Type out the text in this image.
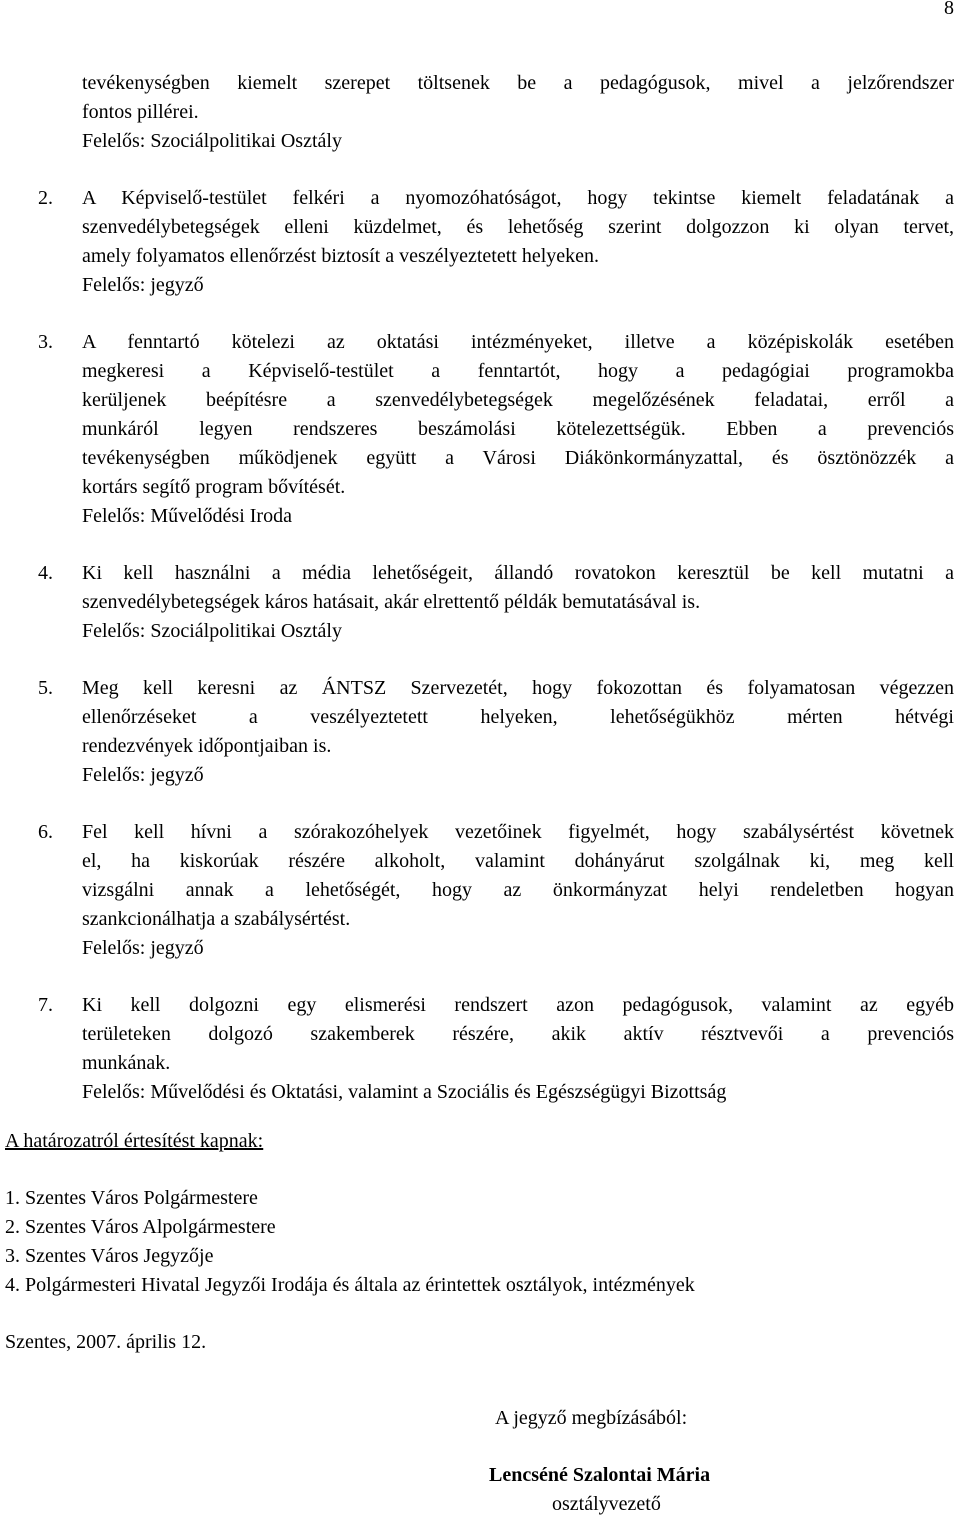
8
tevékenységben kiemelt szerepet töltsenek be a pedagógusok, mivel a jelzőrendszer
fontos pillérei.
Felelős: Szociálpolitikai Osztály
2. A Képviselő-testület felkéri a nyomozóhatóságot, hogy tekintse kiemelt feladatának a
szenvedélybetegségek elleni küzdelmet, és lehetőség szerint dolgozzon ki olyan tervet,
amely folyamatos ellenőrzést biztosít a veszélyeztetett helyeken.
Felelős: jegyző
3. A fenntartó kötelezi az oktatási intézményeket, illetve a középiskolák esetében
megkeresi a Képviselő-testület a fenntartót, hogy a pedagógiai programokba
kerüljenek beépítésre a szenvedélybetegségek megelőzésének feladatai, erről a
munkáról legyen rendszeres beszámolási kötelezettségük. Ebben a prevenciós
tevékenységben működjenek együtt a Városi Diákönkormányzattal, és ösztönözzék a
kortárs segítő program bővítését.
Felelős: Művelődési Iroda
4. Ki kell használni a média lehetőségeit, állandó rovatokon keresztül be kell mutatni a
szenvedélybetegségek káros hatásait, akár elrettentő példák bemutatásával is.
Felelős: Szociálpolitikai Osztály
5. Meg kell keresni az ÁNTSZ Szervezetét, hogy fokozottan és folyamatosan végezzen
ellenőrzéseket a veszélyeztetett helyeken, lehetőségükhöz mérten hétvégi
rendezvények időpontjaiban is.
Felelős: jegyző
6. Fel kell hívni a szórakozóhelyek vezetőinek figyelmét, hogy szabálysértést követnek
el, ha kiskorúak részére alkoholt, valamint dohányárut szolgálnak ki, meg kell
vizsgálni annak a lehetőségét, hogy az önkormányzat helyi rendeletben hogyan
szankcionálhatja a szabálysértést.
Felelős: jegyző
7. Ki kell dolgozni egy elismerési rendszert azon pedagógusok, valamint az egyéb
területeken dolgozó szakemberek részére, akik aktív résztvevői a prevenciós
munkának.
Felelős: Művelődési és Oktatási, valamint a Szociális és Egészségügyi Bizottság
A határozatról értesítést kapnak:
1. Szentes Város Polgármestere
2. Szentes Város Alpolgármestere
3. Szentes Város Jegyzője
4. Polgármesteri Hivatal Jegyzői Irodája és általa az érintettek osztályok, intézmények
Szentes, 2007. április 12.
A jegyző megbízásából:
Lencséné Szalontai Mária
osztályvezető
